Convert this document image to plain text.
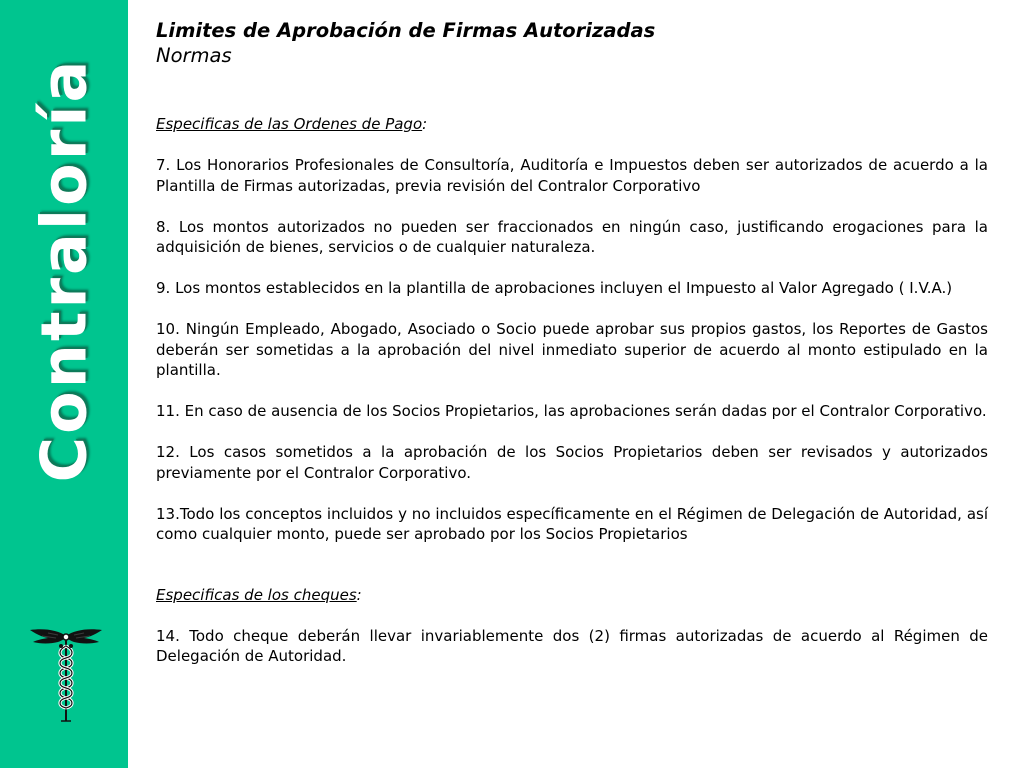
Contraloría
Limites de Aprobación de Firmas Autorizadas
Normas
Especificas de las Ordenes de Pago:
7. Los Honorarios Profesionales de Consultoría, Auditoría e Impuestos deben ser autorizados de acuerdo a la Plantilla de Firmas autorizadas, previa revisión del Contralor Corporativo
8. Los montos autorizados no pueden ser fraccionados en ningún caso, justificando erogaciones para la adquisición de bienes, servicios o de cualquier naturaleza.
9. Los montos establecidos en la plantilla de aprobaciones incluyen el Impuesto al Valor Agregado ( I.V.A.)
10. Ningún Empleado, Abogado, Asociado o Socio puede aprobar sus propios gastos, los Reportes de Gastos deberán ser sometidas a la aprobación del nivel inmediato superior de acuerdo al monto estipulado en la plantilla.
11. En caso de ausencia de los Socios Propietarios, las aprobaciones serán dadas por el Contralor Corporativo.
12. Los casos sometidos a la aprobación de los Socios Propietarios deben ser revisados y autorizados previamente por el Contralor Corporativo.
13.Todo los conceptos incluidos y no incluidos específicamente en el Régimen de Delegación de Autoridad, así como cualquier monto, puede ser aprobado por los Socios Propietarios
Especificas de los cheques:
14. Todo cheque deberán llevar invariablemente dos (2) firmas autorizadas de acuerdo al Régimen de Delegación de Autoridad.
